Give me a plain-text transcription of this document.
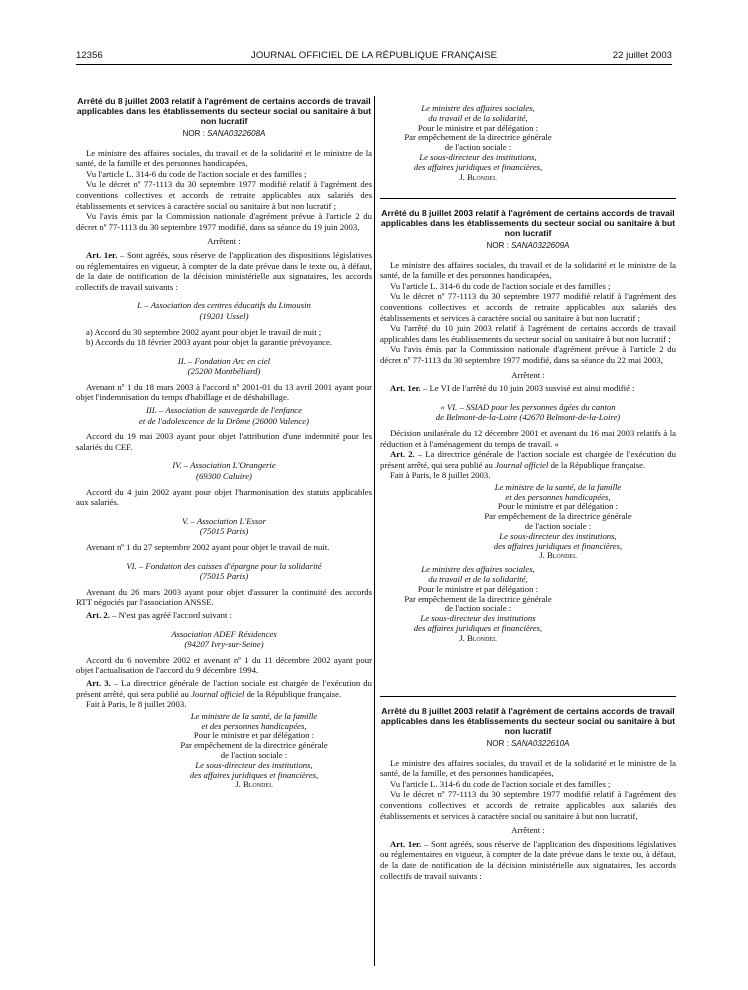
12356	JOURNAL OFFICIEL DE LA RÉPUBLIQUE FRANÇAISE	22 juillet 2003
Arrêté du 8 juillet 2003 relatif à l'agrément de certains accords de travail applicables dans les établissements du secteur social ou sanitaire à but non lucratif
NOR : SANA0322608A

Le ministre des affaires sociales, du travail et de la solidarité et le ministre de la santé, de la famille et des personnes handicapées,

Vu l'article L. 314-6 du code de l'action sociale et des familles ;

Vu le décret nº 77-1113 du 30 septembre 1977 modifié relatif à l'agrément des conventions collectives et accords de retraite applicables aux salariés des établissements et services à caractère social ou sanitaire à but non lucratif ;

Vu l'avis émis par la Commission nationale d'agrément prévue à l'article 2 du décret nº 77-1113 du 30 septembre 1977 modifié, dans sa séance du 19 juin 2003,

Arrêtent :

Art. 1er. – Sont agréés, sous réserve de l'application des dispositions législatives ou réglementaires en vigueur, à compter de la date prévue dans le texte ou, à défaut, de la date de notification de la décision ministérielle aux signataires, les accords collectifs de travail suivants :

I. – Association des centres éducatifs du Limousin
(19201 Ussel)

a) Accord du 30 septembre 2002 ayant pour objet le travail de nuit ;

b) Accords du 18 février 2003 ayant pour objet la garantie prévoyance.

II. – Fondation Arc en ciel
(25200 Montbéliard)

Avenant nº 1 du 18 mars 2003 à l'accord nº 2001-01 du 13 avril 2001 ayant pour objet l'indemnisation du temps d'habillage et de déshabillage.

III. – Association de sauvegarde de l'enfance
et de l'adolescence de la Drôme (26000 Valence)

Accord du 19 mai 2003 ayant pour objet l'attribution d'une indemnité pour les salariés du CEF.

IV. – Association L'Orangerie
(69300 Caluire)

Accord du 4 juin 2002 ayant pour objet l'harmonisation des statuts applicables aux salariés.

V. – Association L'Essor
(75015 Paris)

Avenant nº 1 du 27 septembre 2002 ayant pour objet le travail de nuit.

VI. – Fondation des caisses d'épargne pour la solidarité
(75015 Paris)

Avenant du 26 mars 2003 ayant pour objet d'assurer la continuité des accords RTT négociés par l'association ANSSE.

Art. 2. – N'est pas agréé l'accord suivant :

Association ADEF Résidences
(94207 Ivry-sur-Seine)

Accord du 6 novembre 2002 et avenant nº 1 du 11 décembre 2002 ayant pour objet l'actualisation de l'accord du 9 décembre 1994.

Art. 3. – La directrice générale de l'action sociale est chargée de l'exécution du présent arrêté, qui sera publié au Journal officiel de la République française.

Fait à Paris, le 8 juillet 2003.

Le ministre de la santé, de la famille
et des personnes handicapées,
Pour le ministre et par délégation :
Par empêchement de la directrice générale
de l'action sociale :
Le sous-directeur des institutions,
des affaires juridiques et financières,
J. Blondel
Le ministre des affaires sociales,
du travail et de la solidarité,
Pour le ministre et par délégation :
Par empêchement de la directrice générale
de l'action sociale :
Le sous-directeur des institutions,
des affaires juridiques et financières,
J. Blondel
Arrêté du 8 juillet 2003 relatif à l'agrément de certains accords de travail applicables dans les établissements du secteur social ou sanitaire à but non lucratif
NOR : SANA0322609A

Le ministre des affaires sociales, du travail et de la solidarité et le ministre de la santé, de la famille et des personnes handicapées,

Vu l'article L. 314-6 du code de l'action sociale et des familles ;

Vu le décret nº 77-1113 du 30 septembre 1977 modifié relatif à l'agrément des conventions collectives et accords de retraite applicables aux salariés des établissements et services à caractère social ou sanitaire à but non lucratif ;

Vu l'arrêté du 10 juin 2003 relatif à l'agrément de certains accords de travail applicables dans les établissements du secteur social ou sanitaire à but non lucratif ;

Vu l'avis émis par la Commission nationale d'agrément prévue à l'article 2 du décret nº 77-1113 du 30 septembre 1977 modifié, dans sa séance du 22 mai 2003,

Arrêtent :

Art. 1er. – Le VI de l'arrêté du 10 juin 2003 susvisé est ainsi modifié :

« VI. – SSIAD pour les personnes âgées du canton
de Belmont-de-la-Loire (42670 Belmont-de-la-Loire)

Décision unilatérale du 12 décembre 2001 et avenant du 16 mai 2003 relatifs à la réduction et à l'aménagement du temps de travail. »

Art. 2. – La directrice générale de l'action sociale est chargée de l'exécution du présent arrêté, qui sera publié au Journal officiel de la République française.

Fait à Paris, le 8 juillet 2003.

Le ministre de la santé, de la famille
et des personnes handicapées,
Pour le ministre et par délégation :
Par empêchement de la directrice générale
de l'action sociale :
Le sous-directeur des institutions,
des affaires juridiques et financières,
J. Blondel
Le ministre des affaires sociales,
du travail et de la solidarité,
Pour le ministre et par délégation :
Par empêchement de la directrice générale
de l'action sociale :
Le sous-directeur des institutions
des affaires juridiques et financières,
J. Blondel
Arrêté du 8 juillet 2003 relatif à l'agrément de certains accords de travail applicables dans les établissements du secteur social ou sanitaire à but non lucratif
NOR : SANA0322610A

Le ministre des affaires sociales, du travail et de la solidarité et le ministre de la santé, de la famille, et des personnes handicapées,

Vu l'article L. 314-6 du code de l'action sociale et des familles ;

Vu le décret nº 77-1113 du 30 septembre 1977 modifié relatif à l'agrément des conventions collectives et accords de retraite applicables aux salariés des établissements et services à caractère social ou sanitaire à but non lucratif,

Arrêtent :

Art. 1er. – Sont agréés, sous réserve de l'application des dispositions législatives ou réglementaires en vigueur, à compter de la date prévue dans le texte ou, à défaut, de la date de notification de la décision ministérielle aux signataires, les accords collectifs de travail suivants :
